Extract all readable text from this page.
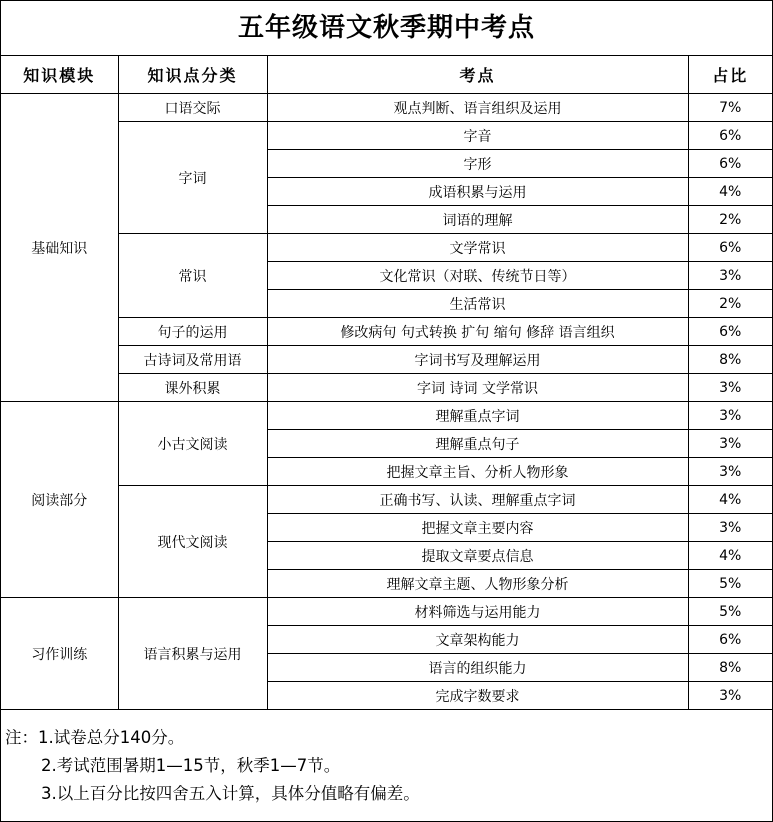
五年级语文秋季期中考点
知识模块	知识点分类	考点	占比
基础知识	口语交际	观点判断、语言组织及运用	7%
	字词	字音	6%
		字形	6%
		成语积累与运用	4%
		词语的理解	2%
	常识	文学常识	6%
		文化常识（对联、传统节日等）	3%
		生活常识	2%
	句子的运用	修改病句 句式转换 扩句 缩句 修辞 语言组织	6%
	古诗词及常用语	字词书写及理解运用	8%
	课外积累	字词 诗词 文学常识	3%
阅读部分	小古文阅读	理解重点字词	3%
		理解重点句子	3%
		把握文章主旨、分析人物形象	3%
	现代文阅读	正确书写、认读、理解重点字词	4%
		把握文章主要内容	3%
		提取文章要点信息	4%
		理解文章主题、人物形象分析	5%
习作训练	语言积累与运用	材料筛选与运用能力	5%
		文章架构能力	6%
		语言的组织能力	8%
		完成字数要求	3%
注：1.试卷总分140分。
2.考试范围暑期1—15节，秋季1—7节。
3.以上百分比按四舍五入计算，具体分值略有偏差。
